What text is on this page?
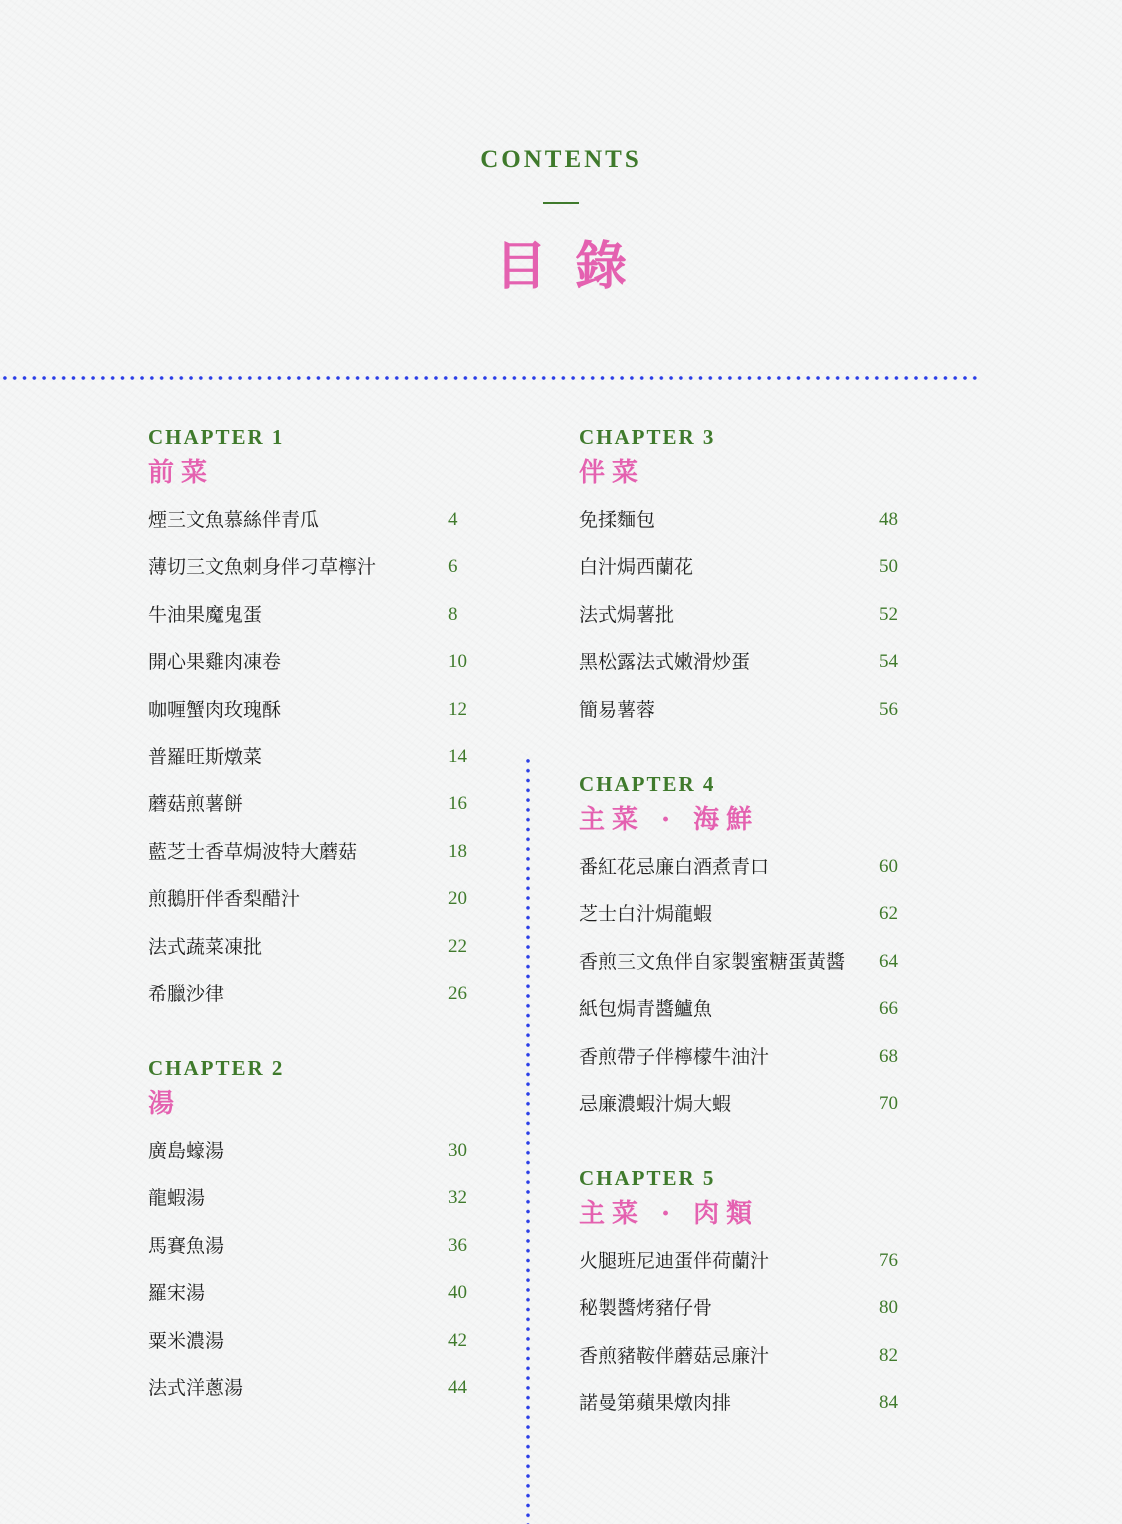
CONTENTS
目錄
CHAPTER 1
前菜
煙三文魚慕絲伴青瓜	4
薄切三文魚刺身伴刁草檸汁	6
牛油果魔鬼蛋	8
開心果雞肉凍卷	10
咖喱蟹肉玫瑰酥	12
普羅旺斯燉菜	14
蘑菇煎薯餅	16
藍芝士香草焗波特大蘑菇	18
煎鵝肝伴香梨醋汁	20
法式蔬菜凍批	22
希臘沙律	26
CHAPTER 2
湯
廣島蠔湯	30
龍蝦湯	32
馬賽魚湯	36
羅宋湯	40
粟米濃湯	42
法式洋蔥湯	44
CHAPTER 3
伴菜
免揉麵包	48
白汁焗西蘭花	50
法式焗薯批	52
黑松露法式嫩滑炒蛋	54
簡易薯蓉	56
CHAPTER 4
主菜 · 海鮮
番紅花忌廉白酒煮青口	60
芝士白汁焗龍蝦	62
香煎三文魚伴自家製蜜糖蛋黃醬 64
紙包焗青醬鱸魚	66
香煎帶子伴檸檬牛油汁	68
忌廉濃蝦汁焗大蝦	70
CHAPTER 5
主菜 · 肉類
火腿班尼迪蛋伴荷蘭汁	76
秘製醬烤豬仔骨	80
香煎豬鞍伴蘑菇忌廉汁	82
諾曼第蘋果燉肉排	84
